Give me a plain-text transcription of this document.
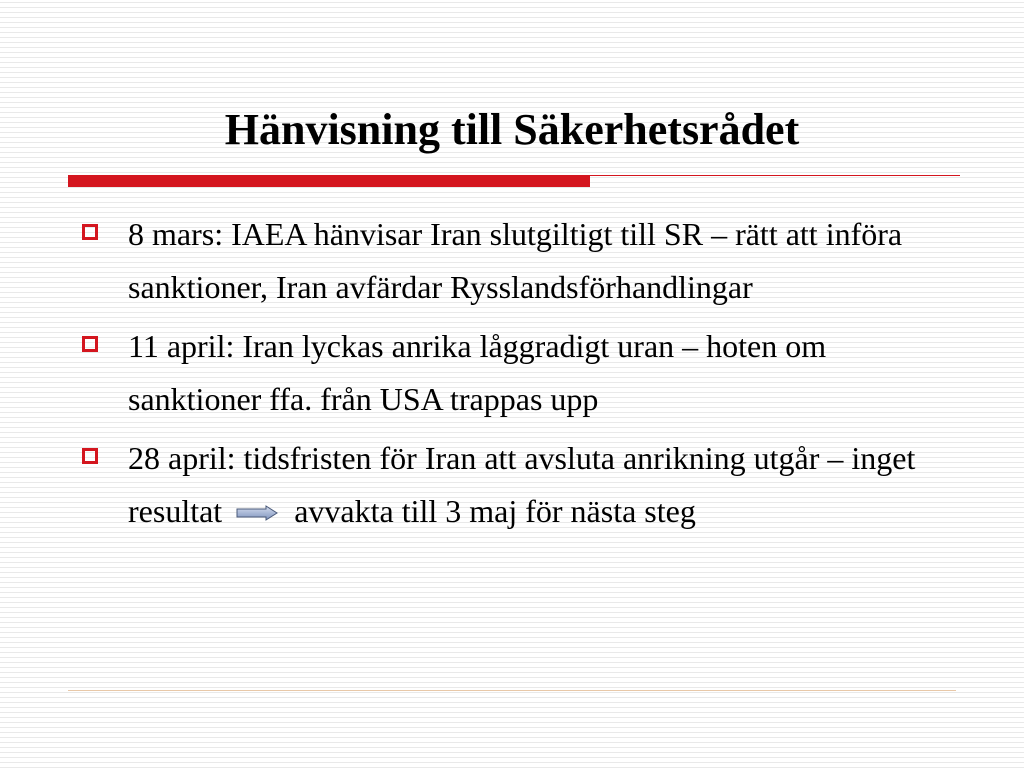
Hänvisning till Säkerhetsrådet
8 mars: IAEA hänvisar Iran slutgiltigt till SR – rätt att införa sanktioner, Iran avfärdar Rysslandsförhandlingar
11 april: Iran lyckas anrika låggradigt uran – hoten om sanktioner ffa. från USA trappas upp
28 april: tidsfristen för Iran att avsluta anrikning utgår – inget resultat avvakta till 3 maj för nästa steg
